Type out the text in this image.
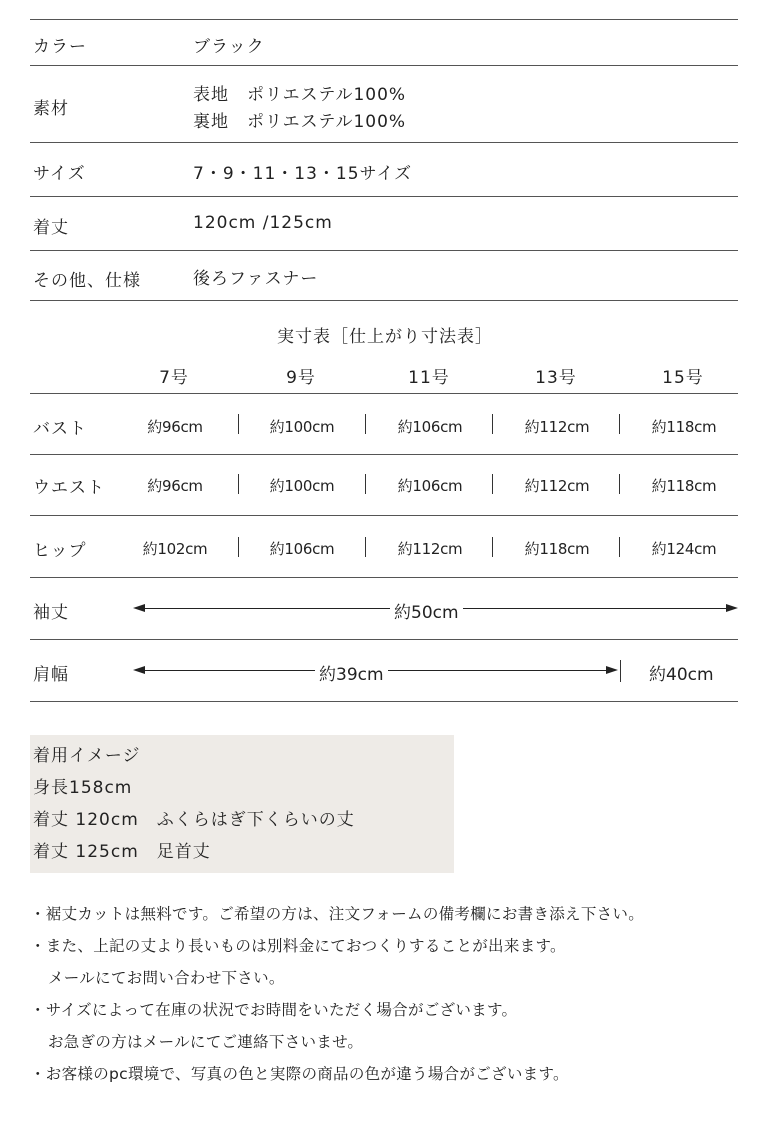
カラー	ブラック
素材
表地　ポリエステル100%
裏地　ポリエステル100%
サイズ	7・9・11・13・15サイズ
着丈	120cm /125cm
その他、仕様	後ろファスナー
実寸表［仕上がり寸法表］
7号	9号	11号	13号	15号
バスト	約96cm	約100cm	約106cm	約112cm	約118cm
ウエスト	約96cm	約100cm	約106cm	約112cm	約118cm
ヒップ	約102cm	約106cm	約112cm	約118cm	約124cm
袖丈	約50cm
肩幅	約39cm	約40cm
着用イメージ
身長158cm
着丈 120cm　ふくらはぎ下くらいの丈
着丈 125cm　足首丈
・裾丈カットは無料です。ご希望の方は、注文フォームの備考欄にお書き添え下さい。
・また、上記の丈より長いものは別料金にておつくりすることが出来ます。
メールにてお問い合わせ下さい。
・サイズによって在庫の状況でお時間をいただく場合がございます。
お急ぎの方はメールにてご連絡下さいませ。
・お客様のpc環境で、写真の色と実際の商品の色が違う場合がございます。
